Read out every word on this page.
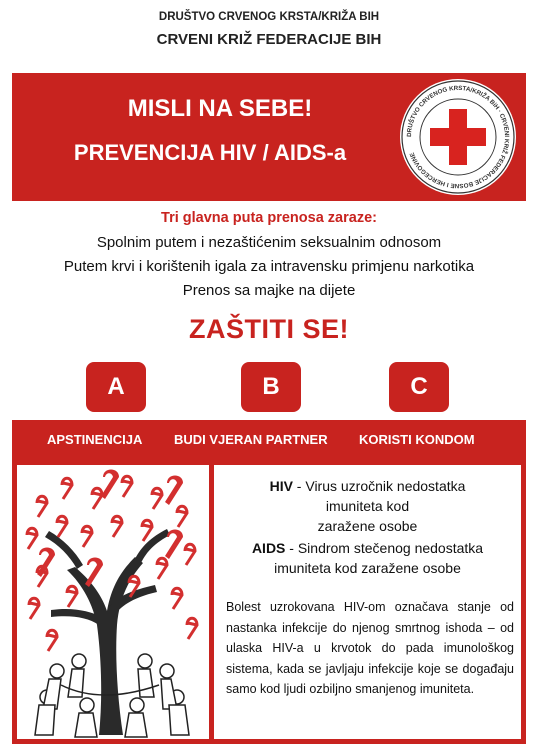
DRUŠTVO CRVENOG KRSTA/KRIŽA BIH
CRVENI KRIŽ FEDERACIJE BIH
MISLI NA SEBE!
PREVENCIJA HIV / AIDS-a
DRUŠTVO CRVENOG KRSTA/KRIŽA BiH · CRVENI KRIŽ FEDERACIJE BOSNE I HERCEGOVINE
Tri glavna puta prenosa zaraze:
Spolnim putem i nezaštićenim seksualnim odnosom
Putem krvi i korištenih igala za intravensku primjenu narkotika
Prenos sa majke na dijete
ZAŠTITI SE!
A	B	C
APSTINENCIJA BUDI VJERAN PARTNER KORISTI KONDOM
HIV - Virus uzročnik nedostatka
imuniteta kod
zaražene osobe
AIDS - Sindrom stečenog nedostatka
imuniteta kod zaražene osobe
Bolest uzrokovana HIV-om označava stanje od nastanka infekcije do njenog smrtnog ishoda – od ulaska HIV-a u krvotok do pada imunološkog sistema, kada se javljaju infekcije koje se događaju samo kod ljudi ozbiljno smanjenog imuniteta.
